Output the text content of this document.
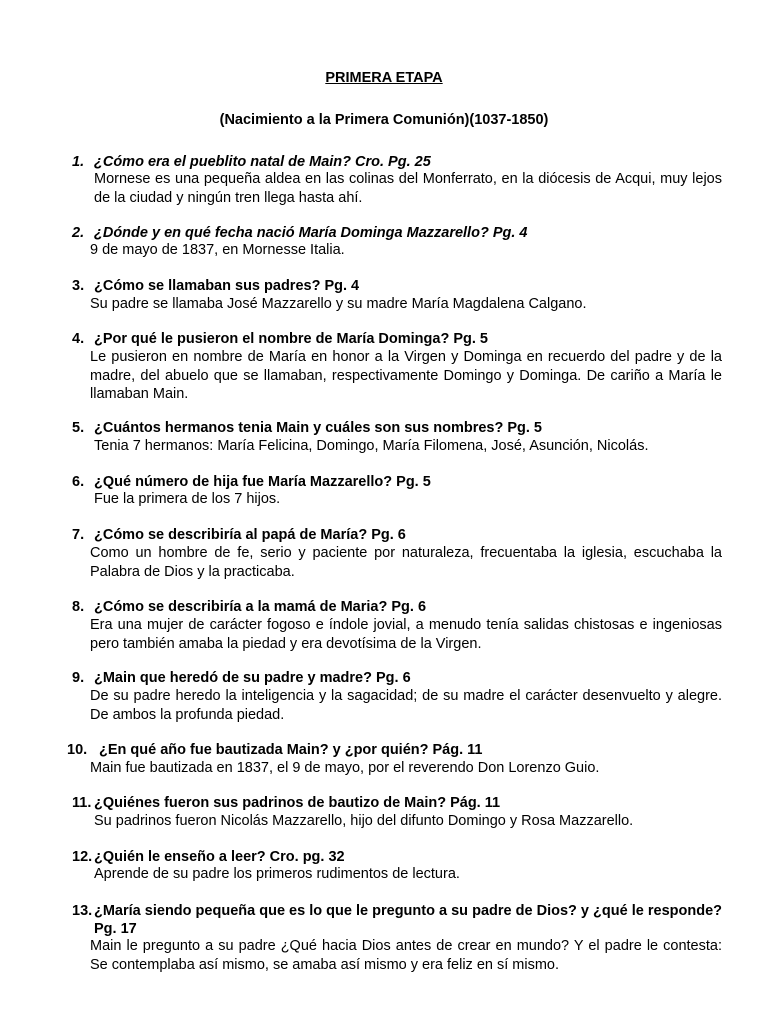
PRIMERA ETAPA
(Nacimiento a la Primera Comunión)(1037-1850)
1. ¿Cómo era el pueblito natal de Main? Cro. Pg. 25
Mornese es una pequeña aldea en las colinas del Monferrato, en la diócesis de Acqui, muy lejos de la ciudad y ningún tren llega hasta ahí.
2. ¿Dónde y en qué fecha nació María Dominga Mazzarello? Pg. 4
9 de mayo de 1837, en Mornesse Italia.
3. ¿Cómo se llamaban sus padres? Pg. 4
Su padre se llamaba José Mazzarello y su madre María Magdalena Calgano.
4. ¿Por qué le pusieron el nombre de María Dominga? Pg. 5
Le pusieron en nombre de María en honor a la Virgen y Dominga en recuerdo del padre y de la madre, del abuelo que se llamaban, respectivamente Domingo y Dominga. De cariño a María le llamaban Main.
5. ¿Cuántos hermanos tenia Main y cuáles son sus nombres? Pg. 5
Tenia 7 hermanos: María Felicina, Domingo, María Filomena, José, Asunción, Nicolás.
6. ¿Qué número de hija fue María Mazzarello? Pg. 5
Fue la primera de los 7 hijos.
7. ¿Cómo se describiría al papá de María? Pg. 6
Como un hombre de fe, serio y paciente por naturaleza, frecuentaba la iglesia, escuchaba la Palabra de Dios y la practicaba.
8. ¿Cómo se describiría a la mamá de Maria? Pg. 6
Era una mujer de carácter fogoso e índole jovial, a menudo tenía salidas chistosas e ingeniosas pero también amaba la piedad y era devotísima de la Virgen.
9. ¿Main que heredó de su padre y madre? Pg. 6
De su padre heredo la inteligencia y la sagacidad; de su madre el carácter desenvuelto y alegre. De ambos la profunda piedad.
10. ¿En qué año fue bautizada Main? y ¿por quién? Pág. 11
Main fue bautizada en 1837, el 9 de mayo, por el reverendo Don Lorenzo Guio.
11. ¿Quiénes fueron sus padrinos de bautizo de Main? Pág. 11
Su padrinos fueron Nicolás Mazzarello, hijo del difunto Domingo y Rosa Mazzarello.
12. ¿Quién le enseño a leer? Cro. pg. 32
Aprende de su padre los primeros rudimentos de lectura.
13. ¿María siendo pequeña que es lo que le pregunto a su padre de Dios? y ¿qué le responde? Pg. 17
Main le pregunto a su padre ¿Qué hacia Dios antes de crear en mundo? Y el padre le contesta: Se contemplaba así mismo, se amaba así mismo y era feliz en sí mismo.
